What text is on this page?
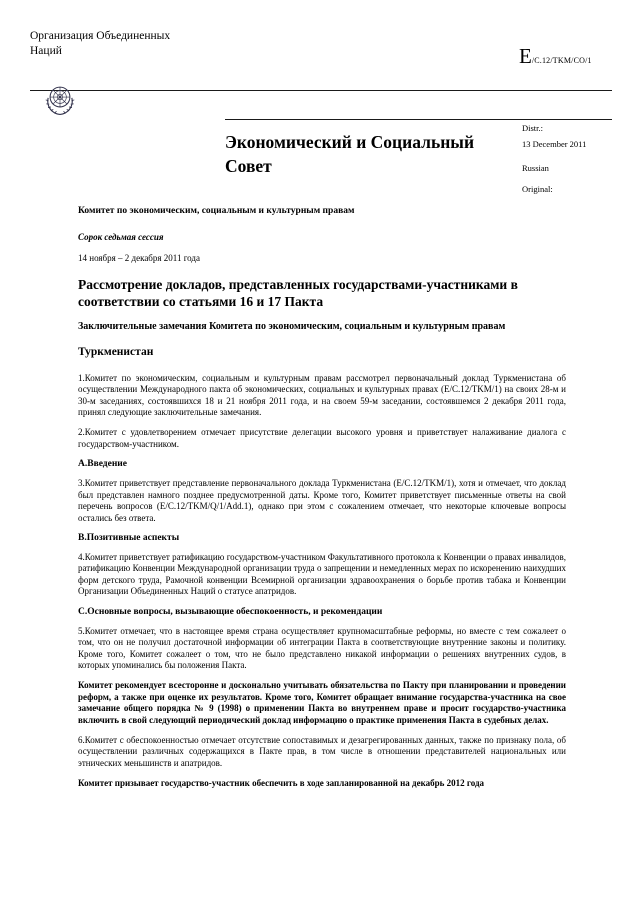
Организация Объединенных
Наций	E /C.12/TKM/CO/1
Экономический и Социальный Совет
Distr.:
13 December 2011
Russian
Original:
Комитет по экономическим, социальным и культурным правам
Сорок седьмая сессия
14 ноября – 2 декабря 2011 года
Рассмотрение докладов, представленных государствами-участниками в соответствии со статьями 16 и 17 Пакта
Заключительные замечания Комитета по экономическим, социальным и культурным правам
Туркменистан
1.Комитет по экономическим, социальным и культурным правам рассмотрел первоначальный доклад Туркменистана об осуществлении Международного пакта об экономических, социальных и культурных правах (E/C.12/TKM/1) на своих 28-м и 30-м заседаниях, состоявшихся 18 и 21 ноября 2011 года, и на своем 59-м заседании, состоявшемся 2 декабря 2011 года, принял следующие заключительные замечания.
2.Комитет с удовлетворением отмечает присутствие делегации высокого уровня и приветствует налаживание диалога с государством-участником.
A.Введение
3.Комитет приветствует представление первоначального доклада Туркменистана (E/C.12/TKM/1), хотя и отмечает, что доклад был представлен намного позднее предусмотренной даты. Кроме того, Комитет приветствует письменные ответы на свой перечень вопросов (E/C.12/TKM/Q/1/Add.1), однако при этом с сожалением отмечает, что некоторые ключевые вопросы остались без ответа.
B.Позитивные аспекты
4.Комитет приветствует ратификацию государством-участником Факультативного протокола к Конвенции о правах инвалидов, ратификацию Конвенции Международной организации труда о запрещении и немедленных мерах по искоренению наихудших форм детского труда, Рамочной конвенции Всемирной организации здравоохранения о борьбе против табака и Конвенции Организации Объединенных Наций о статусе апатридов.
C.Основные вопросы, вызывающие обеспокоенность, и рекомендации
5.Комитет отмечает, что в настоящее время страна осуществляет крупномасштабные реформы, но вместе с тем сожалеет о том, что он не получил достаточной информации об интеграции Пакта в соответствующие внутренние законы и политику. Кроме того, Комитет сожалеет о том, что не было представлено никакой информации о решениях внутренних судов, в которых упоминались бы положения Пакта.
Комитет рекомендует всесторонне и досконально учитывать обязательства по Пакту при планировании и проведении реформ, а также при оценке их результатов. Кроме того, Комитет обращает внимание государства-участника на свое замечание общего порядка № 9 (1998) о применении Пакта во внутреннем праве и просит государство-участника включить в свой следующий периодический доклад информацию о практике применения Пакта в судебных делах.
6.Комитет с обеспокоенностью отмечает отсутствие сопоставимых и дезагрегированных данных, также по признаку пола, об осуществлении различных содержащихся в Пакте прав, в том числе в отношении представителей национальных или этнических меньшинств и апатридов.
Комитет призывает государство-участник обеспечить в ходе запланированной на декабрь 2012 года
